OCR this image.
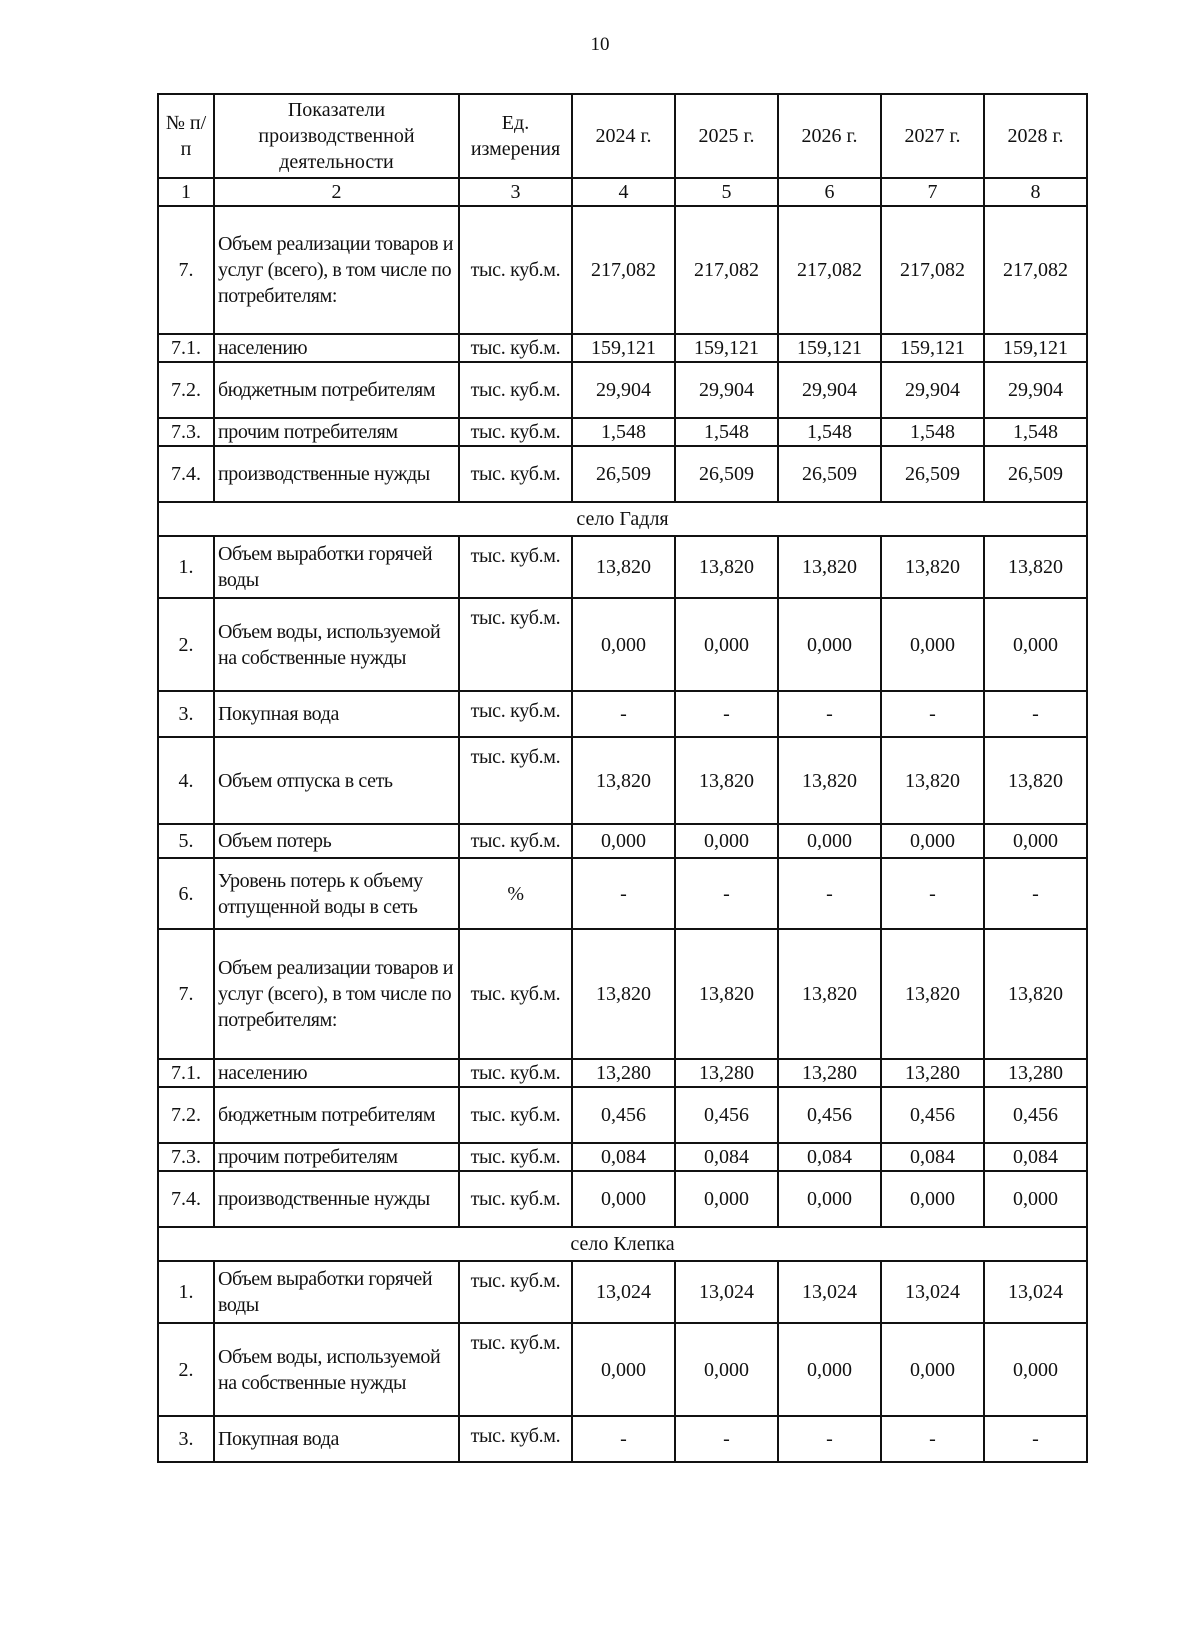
10
№ п/п	Показатели производственной деятельности	Ед. измерения	2024 г.	2025 г.	2026 г.	2027 г.	2028 г.
1	2	3	4	5	6	7	8
7.	Объем реализации товаров и услуг (всего), в том числе по потребителям:	тыс. куб.м.	217,082	217,082	217,082	217,082	217,082
7.1.	населению	тыс. куб.м.	159,121	159,121	159,121	159,121	159,121
7.2.	бюджетным потребителям	тыс. куб.м.	29,904	29,904	29,904	29,904	29,904
7.3.	прочим потребителям	тыс. куб.м.	1,548	1,548	1,548	1,548	1,548
7.4.	производственные нужды	тыс. куб.м.	26,509	26,509	26,509	26,509	26,509
село Гадля							
1.	Объем выработки горячей воды	тыс. куб.м.	13,820	13,820	13,820	13,820	13,820
2.	Объем воды, используемой на собственные нужды	тыс. куб.м.	0,000	0,000	0,000	0,000	0,000
3.	Покупная вода	тыс. куб.м.	-	-	-	-	-
4.	Объем отпуска в сеть	тыс. куб.м.	13,820	13,820	13,820	13,820	13,820
5.	Объем потерь	тыс. куб.м.	0,000	0,000	0,000	0,000	0,000
6.	Уровень потерь к объему отпущенной воды в сеть	%	-	-	-	-	-
7.	Объем реализации товаров и услуг (всего), в том числе по потребителям:	тыс. куб.м.	13,820	13,820	13,820	13,820	13,820
7.1.	населению	тыс. куб.м.	13,280	13,280	13,280	13,280	13,280
7.2.	бюджетным потребителям	тыс. куб.м.	0,456	0,456	0,456	0,456	0,456
7.3.	прочим потребителям	тыс. куб.м.	0,084	0,084	0,084	0,084	0,084
7.4.	производственные нужды	тыс. куб.м.	0,000	0,000	0,000	0,000	0,000
село Клепка							
1.	Объем выработки горячей воды	тыс. куб.м.	13,024	13,024	13,024	13,024	13,024
2.	Объем воды, используемой на собственные нужды	тыс. куб.м.	0,000	0,000	0,000	0,000	0,000
3.	Покупная вода	тыс. куб.м.	-	-	-	-	-
